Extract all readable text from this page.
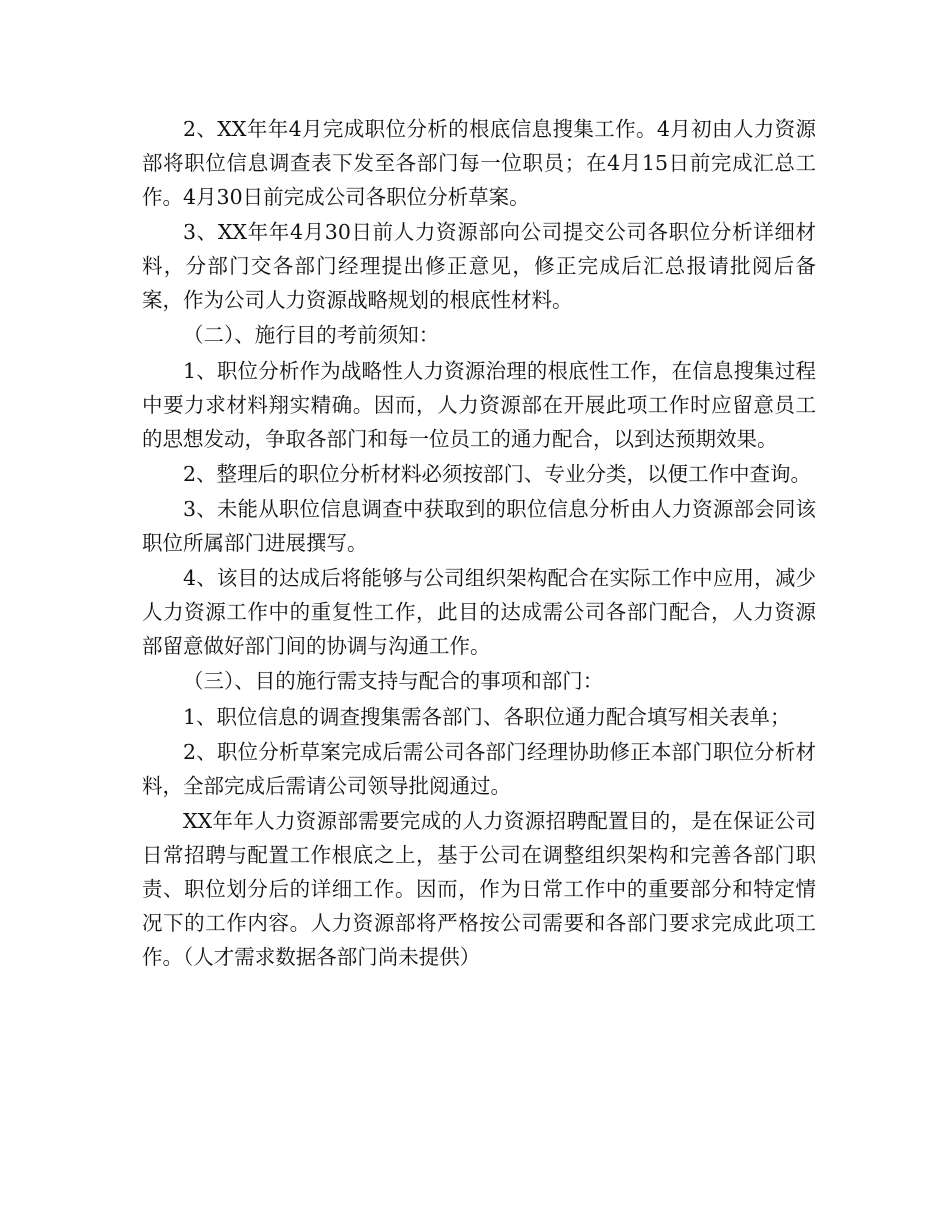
2、XX年年4月完成职位分析的根底信息搜集工作。4月初由人力资源部将职位信息调查表下发至各部门每一位职员；在4月15日前完成汇总工作。4月30日前完成公司各职位分析草案。

3、XX年年4月30日前人力资源部向公司提交公司各职位分析详细材料，分部门交各部门经理提出修正意见，修正完成后汇总报请批阅后备案，作为公司人力资源战略规划的根底性材料。

（二）、施行目的考前须知：

1、职位分析作为战略性人力资源治理的根底性工作，在信息搜集过程中要力求材料翔实精确。因而，人力资源部在开展此项工作时应留意员工的思想发动，争取各部门和每一位员工的通力配合，以到达预期效果。

2、整理后的职位分析材料必须按部门、专业分类，以便工作中查询。

3、未能从职位信息调查中获取到的职位信息分析由人力资源部会同该职位所属部门进展撰写。

4、该目的达成后将能够与公司组织架构配合在实际工作中应用，减少人力资源工作中的重复性工作，此目的达成需公司各部门配合，人力资源部留意做好部门间的协调与沟通工作。

（三）、目的施行需支持与配合的事项和部门：

1、职位信息的调查搜集需各部门、各职位通力配合填写相关表单；

2、职位分析草案完成后需公司各部门经理协助修正本部门职位分析材料，全部完成后需请公司领导批阅通过。

XX年年人力资源部需要完成的人力资源招聘配置目的，是在保证公司日常招聘与配置工作根底之上，基于公司在调整组织架构和完善各部门职责、职位划分后的详细工作。因而，作为日常工作中的重要部分和特定情况下的工作内容。人力资源部将严格按公司需要和各部门要求完成此项工作。（人才需求数据各部门尚未提供）
